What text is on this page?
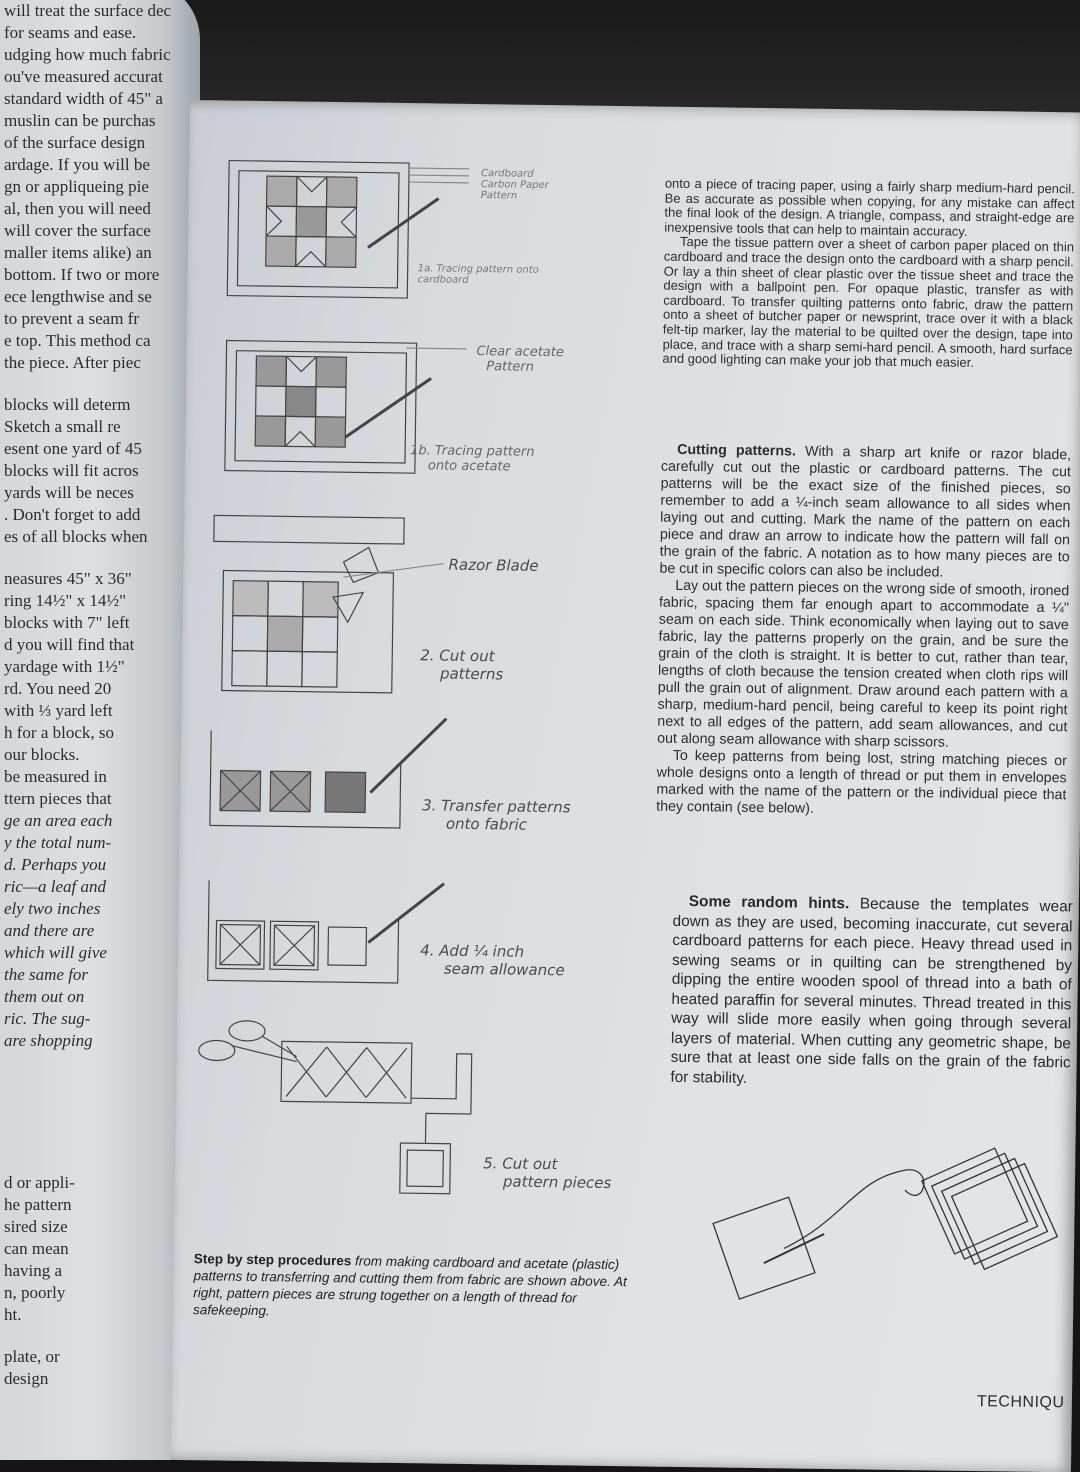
will treat the surface dec
for seams and ease.
udging how much fabric
ou've measured accurat
standard width of 45" a
muslin can be purchas
of the surface design
ardage. If you will be
gn or appliqueing pie
al, then you will need
will cover the surface
maller items alike) an
bottom. If two or more
ece lengthwise and se
to prevent a seam fr
e top. This method ca
the piece. After piec
blocks will determ
Sketch a small re
esent one yard of 45
blocks will fit acros
yards will be neces
. Don't forget to add
es of all blocks when
neasures 45" x 36"
ring 14½" x 14½"
blocks with 7" left
d you will find that
yardage with 1½"
rd. You need 20
with ⅓ yard left
h for a block, so
our blocks.
be measured in
ttern pieces that
ge an area each
y the total num-
d. Perhaps you
ric—a leaf and
ely two inches
and there are
which will give
the same for
them out on
ric. The sug-
are shopping
d or appli-
he pattern
sired size
can mean
having a
n, poorly
ht.
plate, or
design
Cardboard
Carbon Paper
Pattern
1a. Tracing pattern onto
cardboard
Clear acetate
Pattern
1b. Tracing pattern
onto acetate
Razor Blade
2. Cut out
patterns
3. Transfer patterns
onto fabric
4. Add ¼ inch
seam allowance
5. Cut out
pattern pieces
Step by step procedures from making cardboard and acetate (plastic) patterns to transferring and cutting them from fabric are shown above. At right, pattern pieces are strung together on a length of thread for safekeeping.

onto a piece of tracing paper, using a fairly sharp medium-hard pencil. Be as accurate as possible when copying, for any mistake can affect the final look of the design. A triangle, compass, and straight-edge are inexpensive tools that can help to maintain accuracy.

Tape the tissue pattern over a sheet of carbon paper placed on thin cardboard and trace the design onto the cardboard with a sharp pencil. Or lay a thin sheet of clear plastic over the tissue sheet and trace the design with a ballpoint pen. For opaque plastic, transfer as with cardboard. To transfer quilting patterns onto fabric, draw the pattern onto a sheet of butcher paper or newsprint, trace over it with a black felt-tip marker, lay the material to be quilted over the design, tape into place, and trace with a sharp semi-hard pencil. A smooth, hard surface and good lighting can make your job that much easier.

Cutting patterns. With a sharp art knife or razor blade, carefully cut out the plastic or cardboard patterns. The cut patterns will be the exact size of the finished pieces, so remember to add a ¼-inch seam allowance to all sides when laying out and cutting. Mark the name of the pattern on each piece and draw an arrow to indicate how the pattern will fall on the grain of the fabric. A notation as to how many pieces are to be cut in specific colors can also be included.

Lay out the pattern pieces on the wrong side of smooth, ironed fabric, spacing them far enough apart to accommodate a ¼" seam on each side. Think economically when laying out to save fabric, lay the patterns properly on the grain, and be sure the grain of the cloth is straight. It is better to cut, rather than tear, lengths of cloth because the tension created when cloth rips will pull the grain out of alignment. Draw around each pattern with a sharp, medium-hard pencil, being careful to keep its point right next to all edges of the pattern, add seam allowances, and cut out along seam allowance with sharp scissors.

To keep patterns from being lost, string matching pieces or whole designs onto a length of thread or put them in envelopes marked with the name of the pattern or the individual piece that they contain (see below).

Some random hints. Because the templates wear down as they are used, becoming inaccurate, cut several cardboard patterns for each piece. Heavy thread used in sewing seams or in quilting can be strengthened by dipping the entire wooden spool of thread into a bath of heated paraffin for several minutes. Thread treated in this way will slide more easily when going through several layers of material. When cutting any geometric shape, be sure that at least one side falls on the grain of the fabric for stability.

TECHNIQU
